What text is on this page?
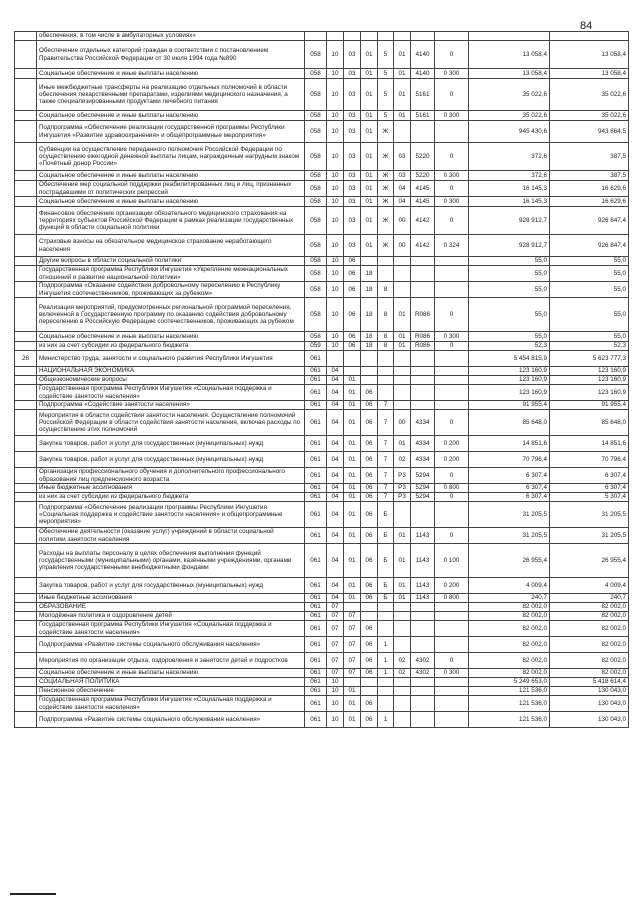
84
	обеспечения, в том числе в амбулаторных условиях»										
	Обеспечение отдельных категорий граждан в соответствии с постановлением Правительства Российской Федерации от 30 июля 1994 года №890	058	10	03	01	5	01	4140	0	13 058,4	13 058,4
	Социальное обеспечение и иные выплаты населению	058	10	03	01	5	01	4140	0 300	13 058,4	13 058,4
	Иные межбюджетные трансферты на реализацию отдельных полномочий в области обеспечения лекарственными препаратами, изделиями медицинского назначения, а также специализированными продуктами лечебного питания	058	10	03	01	5	01	5161	0	35 022,6	35 022,6
	Социальное обеспечение и иные выплаты населению	058	10	03	01	5	01	5161	0 300	35 022,6	35 022,6
	Подпрограмма «Обеспечение реализации государственной программы Республики Ингушетия «Развитие здравоохранения» и общепрограммные мероприятия»	058	10	03	01	Ж				945 430,6	943 864,5
	Субвенции на осуществление переданного полномочия Российской Федерации по осуществлению ежегодной денежной выплаты лицам, награжденным нагрудным знаком «Почётный донор России»	058	10	03	01	Ж	03	5220	0	372,6	387,5
	Социальное обеспечение и иные выплаты населению	058	10	03	01	Ж	03	5220	0 300	372,6	387,5
	Обеспечение мер социальной поддержки реабилитированных лиц и лиц, признанных пострадавшими от политических репрессий	058	10	03	01	Ж	04	4145	0	16 145,3	16 629,6
	Социальное обеспечение и иные выплаты населению	058	10	03	01	Ж	04	4145	0 300	16 145,3	16 629,6
	Финансовое обеспечение организации обязательного медицинского страхования на территориях субъектов Российской Федерации в рамках реализации государственных функций в области социальной политики	058	10	03	01	Ж	00	4142	0	928 912,7	926 847,4
	Страховые взносы на обязательное медицинское страхование неработающего населения	058	10	03	01	Ж	00	4142	0 324	928 912,7	926 847,4
	Другие вопросы в области социальной политики	058	10	06						55,0	55,0
	Государственная программа Республики Ингушетия «Укрепление межнациональных отношений и развитие национальной политики»	058	10	06	18					55,0	55,0
	Подпрограмма «Оказание содействия добровольному переселению в Республику Ингушетия соотечественников, проживающих за рубежом»	058	10	06	18	8				55,0	55,0
	Реализация мероприятий, предусмотренных региональной программой переселения, включенной в Государственную программу по оказанию содействия добровольному переселению в Российскую Федерацию соотечественников, проживающих за рубежом	058	10	06	18	8	01	R086	0	55,0	55,0
	Социальное обеспечение и иные выплаты населению	058	10	06	18	8	01	R086	0 300	55,0	55,0
	из них за счет субсидии из федерального бюджета	059	10	06	18	8	01	R086	0	52,3	52,3
26	Министерство труда, занятости и социального развития Республики Ингушетия	061								5 454 815,9	5 623 777,3
	НАЦИОНАЛЬНАЯ ЭКОНОМИКА	061	04							123 160,9	123 160,9
	Общеэкономические вопросы	061	04	01						123 160,9	123 160,9
	Государственная программа Республики Ингушетия «Социальная поддержка и содействие занятости населения»	061	04	01	06					123 160,9	123 160,9
	Подпрограмма «Содействие занятости населения»	061	04	01	06	7				91 955,4	91 955,4
	Мероприятия в области содействия занятости населения. Осуществление полномочий Российской Федерации в области содействия занятости населения, включая расходы по осуществлению этих полномочий	061	04	01	06	7	00	4334	0	85 648,0	85 648,0
	Закупка товаров, работ и услуг для государственных (муниципальных) нужд	061	04	01	06	7	01	4334	0 200	14 851,6	14 851,6
	Закупка товаров, работ и услуг для государственных (муниципальных) нужд	061	04	01	06	7	02	4334	0 200	70 796,4	70 796,4
	Организация профессионального обучения и дополнительного профессионального образования лиц предпенсионного возраста	061	04	01	06	7	P3	5294	0	6 307,4	6 307,4
	Иные бюджетные ассигнования	061	04	01	06	7	P3	5294	0 800	6 307,4	6 307,4
	из них за счет субсидии из федерального бюджета	061	04	01	06	7	P3	5294	0	6 307,4	5 307,4
	Подпрограмма «Обеспечение реализации программы Республики Ингушетия «Социальная поддержка и содействие занятости населения» и общепрограммные мероприятия»	061	04	01	06	Б				31 205,5	31 205,5
	Обеспечение деятельности (оказание услуг) учреждений в области социальной политики занятости населения	061	04	01	06	Б	01	1143	0	31 205,5	31 205,5
	Расходы на выплаты персоналу в целях обеспечения выполнения функций государственными (муниципальными) органами, казёнными учреждениями, органами управления государственными внебюджетными фондами	061	04	01	06	Б	01	1143	0 100	26 955,4	26 955,4
	Закупка товаров, работ и услуг для государственных (муниципальных) нужд	061	04	01	06	Б	01	1143	0 200	4 009,4	4 009,4
	Иные бюджетные ассигнования	061	04	01	06	Б	01	1143	0 800	240,7	240,7
	ОБРАЗОВАНИЕ	061	07							82 002,0	82 002,0
	Молодёжная политика и оздоровление детей	061	07	07						82 002,0	82 002,0
	Государственная программа Республики Ингушетия «Социальная поддержка и содействие занятости населения»	061	07	07	06					82 002,0	82 002,0
	Подпрограмма «Развитие системы социального обслуживания населения»	061	07	07	06	1				82 002,0	82 002,0
	Мероприятия по организации отдыха, оздоровления и занятости детей и подростков	061	07	07	06	1	02	4302	0	82 002,0	82 002,0
	Социальное обеспечение и иные выплаты населению	061	07	07	06	1	02	4302	0 300	82 002,0	82 002,0
	СОЦИАЛЬНАЯ ПОЛИТИКА	061	10							5 249 653,0	5 418 614,4
	Пенсионное обеспечение	061	10	01						121 536,0	130 043,0
	Государственная программа Республики Ингушетия «Социальная поддержка и содействие занятости населения»	061	10	01	06					121 536,0	130 043,0
	Подпрограмма «Развитие системы социального обслуживания населения»	061	10	01	06	1				121 536,0	130 043,0
